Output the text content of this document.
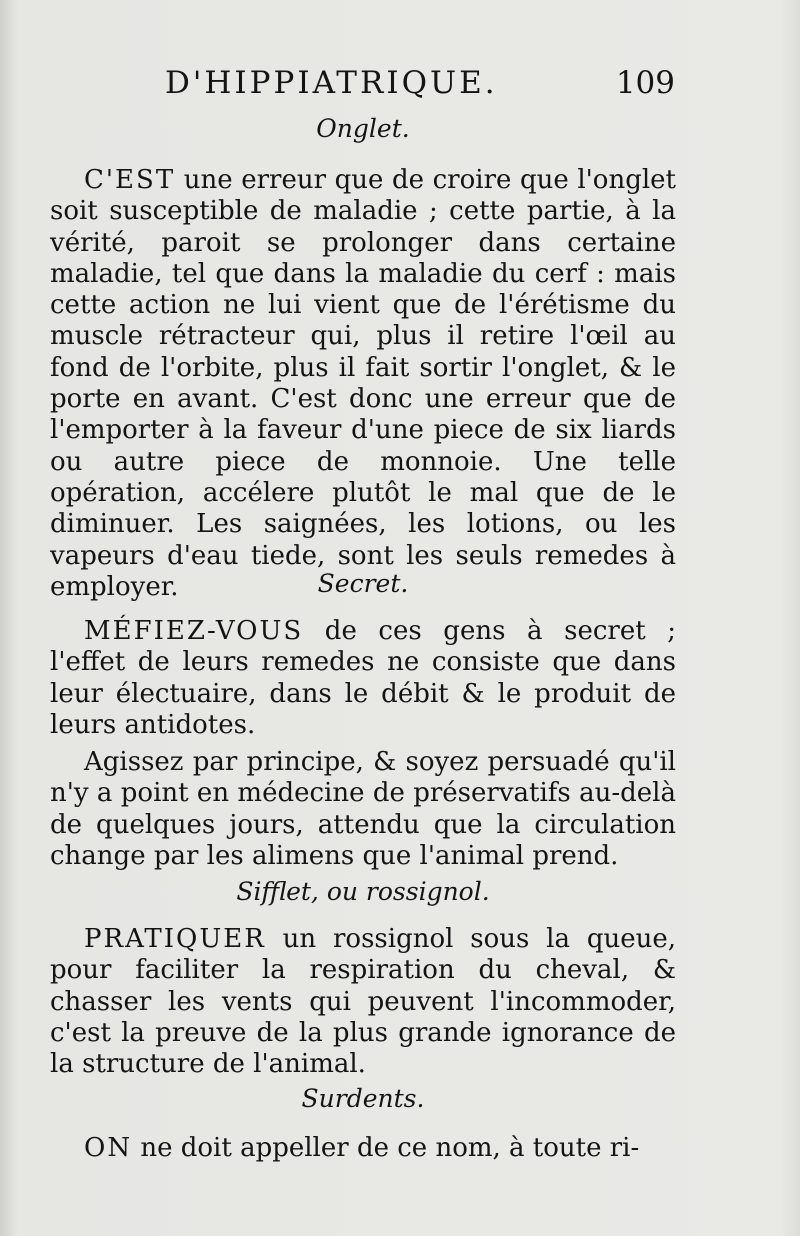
D'HIPPIATRIQUE.	109
Onglet.

C'EST une erreur que de croire que l'onglet soit susceptible de maladie ; cette partie, à la vérité, paroit se prolonger dans certaine maladie, tel que dans la maladie du cerf : mais cette action ne lui vient que de l'érétisme du muscle rétracteur qui, plus il retire l'œil au fond de l'orbite, plus il fait sortir l'onglet, & le porte en avant. C'est donc une erreur que de l'emporter à la faveur d'une piece de six liards ou autre piece de monnoie. Une telle opération, accélere plutôt le mal que de le diminuer. Les saignées, les lotions, ou les vapeurs d'eau tiede, sont les seuls remedes à employer.	Secret.

MÉFIEZ-VOUS de ces gens à secret ; l'effet de leurs remedes ne consiste que dans leur électuaire, dans le débit & le produit de leurs antidotes.

Agissez par principe, & soyez persuadé qu'il n'y a point en médecine de préservatifs au-delà de quelques jours, attendu que la circulation change par les alimens que l'animal prend.

Sifflet, ou rossignol.

PRATIQUER un rossignol sous la queue, pour faciliter la respiration du cheval, & chasser les vents qui peuvent l'incommoder, c'est la preuve de la plus grande ignorance de la structure de l'animal.

Surdents.

ON ne doit appeller de ce nom, à toute ri-
